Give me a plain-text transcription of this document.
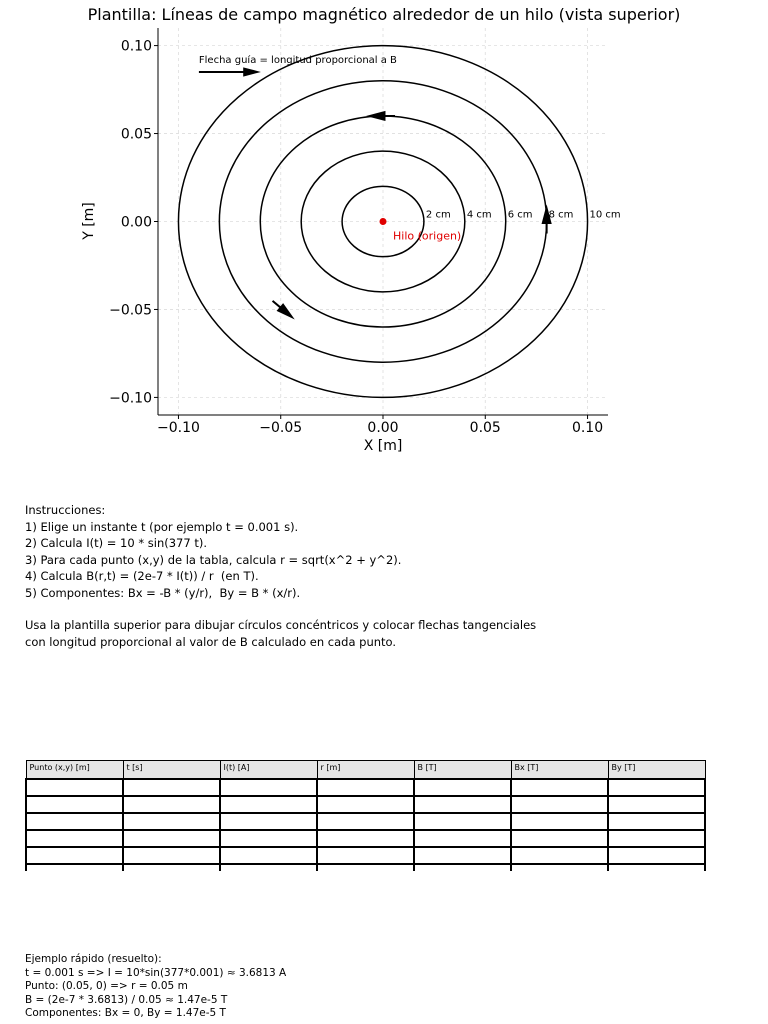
Plantilla: Líneas de campo magnético alrededor de un hilo (vista superior)
2 cm 4 cm 6 cm 8 cm 10 cm
Hilo (origen)
Flecha guía = longitud proporcional a B
−0.10	−0.05	0.00	0.05	0.10
−0.10
−0.05
0.00
0.05
0.10
X [m]
Y [m]
Instrucciones:
1) Elige un instante t (por ejemplo t = 0.001 s).
2) Calcula I(t) = 10 * sin(377 t).
3) Para cada punto (x,y) de la tabla, calcula r = sqrt(x^2 + y^2).
4) Calcula B(r,t) = (2e-7 * I(t)) / r  (en T).
5) Componentes: Bx = -B * (y/r),  By = B * (x/r).
Usa la plantilla superior para dibujar círculos concéntricos y colocar flechas tangenciales
con longitud proporcional al valor de B calculado en cada punto.
Punto (x,y) [m]	t [s]	I(t) [A]	r [m]	B [T]	Bx [T]	By [T]

Ejemplo rápido (resuelto):
t = 0.001 s => I = 10*sin(377*0.001) ≈ 3.6813 A
Punto: (0.05, 0) => r = 0.05 m
B = (2e-7 * 3.6813) / 0.05 ≈ 1.47e-5 T
Componentes: Bx = 0, By = 1.47e-5 T
